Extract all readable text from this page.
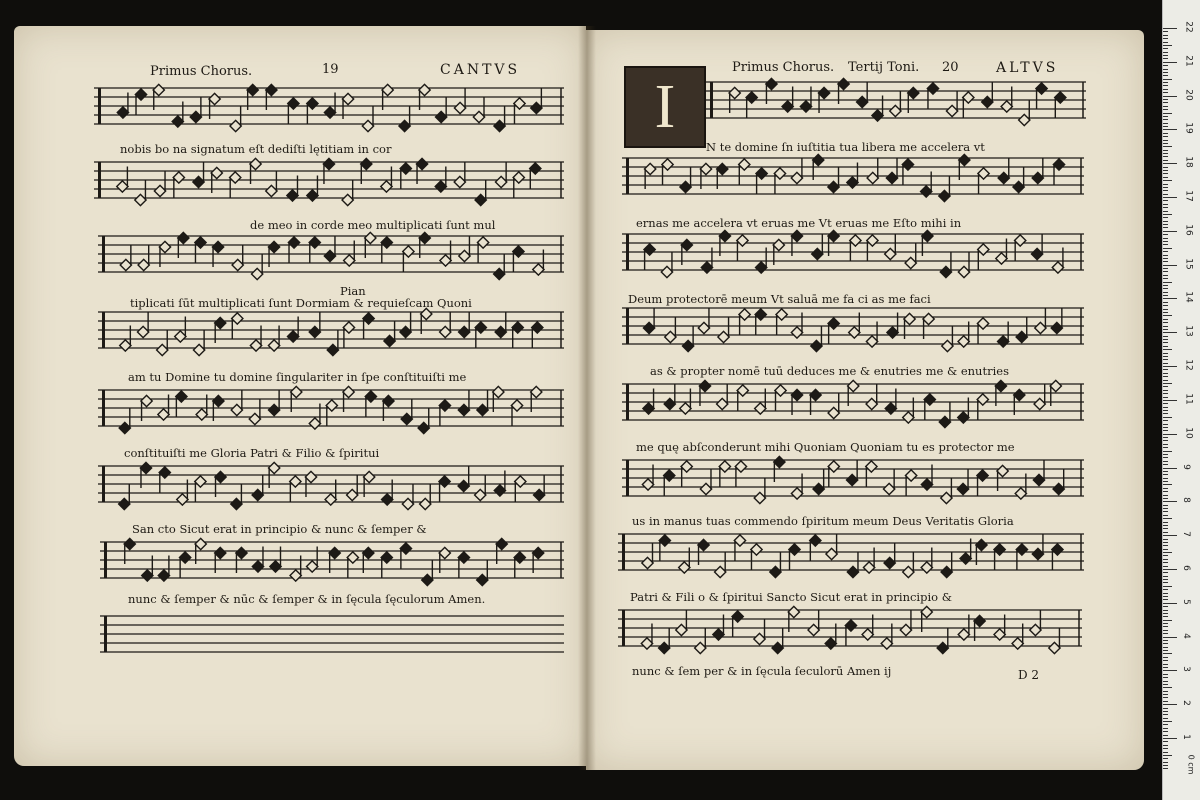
Primus Chorus.	19	CANTVS	Primus Chorus. Tertij Toni. 20	ALTVS
I
nobis bo na signatum eſt dediſti lętitiam in cor
de meo in corde meo multiplicati ſunt mul
Pian
tiplicati ſūt multiplicati ſunt Dormiam & requieſcam Quoni
am tu Domine tu domine ſingulariter in ſpe conſtituiſti me
conſtituiſti me Gloria Patri & Filio & ſpiritui
San cto Sicut erat in principio & nunc & ſemper &
nunc & ſemper & nūc & ſemper & in ſęcula ſęculorum Amen.
N te domine ſn iuſtitia tua libera me accelera vt
ernas me accelera vt eruas me Vt eruas me Eſto mihi in
Deum protectorē meum Vt saluā me fa ci as me faci
as & propter nomē tuū deduces me & enutries me & enutries
me quę abſconderunt mihi Quoniam Quoniam tu es protector me
us in manus tuas commendo ſpiritum meum Deus Veritatis Gloria
Patri & Fili o & ſpiritui Sancto Sicut erat in principio &
nunc & ſem per & in ſęcula ſeculorū Amen ij	D 2
0 cm
22
21
20
19
18
17
16
15
14
13
12
11
10
9
8
7
6
5
4
3
2
1
